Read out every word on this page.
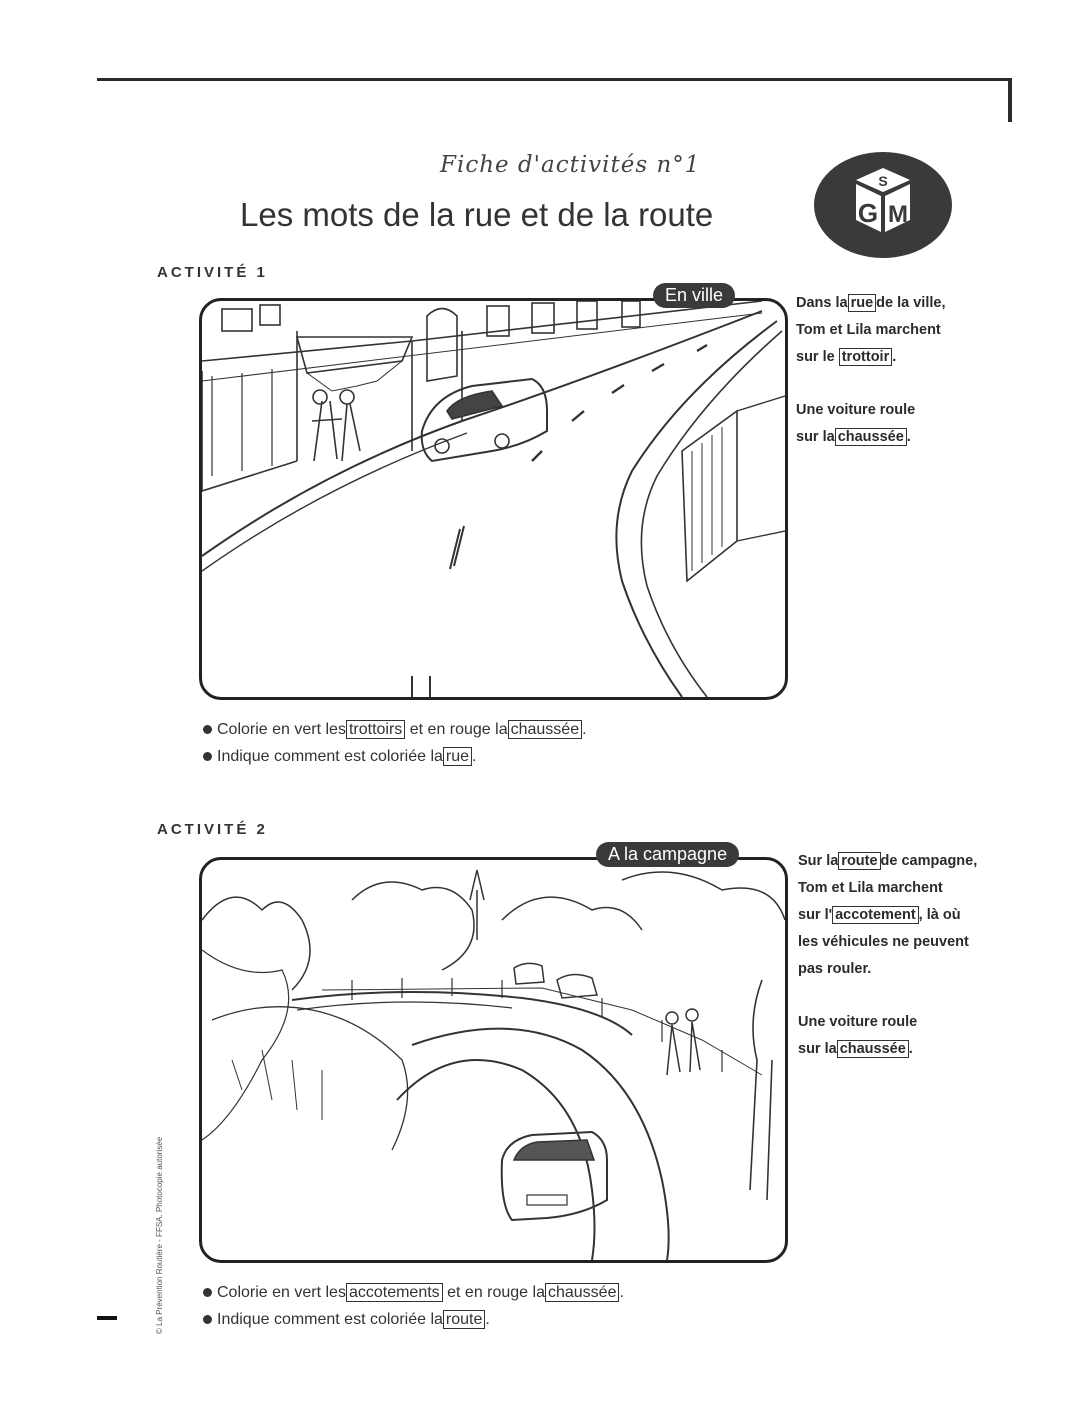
Fiche d'activités n°1
Les mots de la rue et de la route
S
G M
ACTIVITÉ 1
En ville	Dans la rue de la ville,
Tom et Lila marchent
sur le trottoir .
Une voiture roule
sur la chaussée .
Colorie en vert les trottoirs et en rouge la chaussée .
Indique comment est coloriée la rue .
ACTIVITÉ 2
A la campagne	Sur la route de campagne,
Tom et Lila marchent
sur l' accotement , là où
les véhicules ne peuvent
pas rouler.
Une voiture roule
sur la chaussée .
Colorie en vert les accotements et en rouge la chaussée .
Indique comment est coloriée la route .
© La Prévention Routière - FFSA. Photocopie autorisée
